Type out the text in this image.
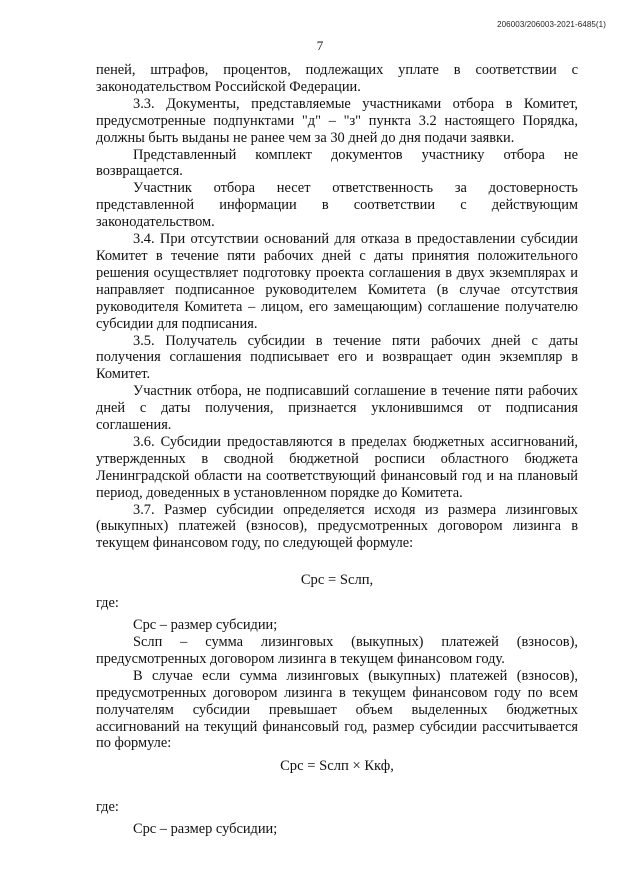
206003/206003-2021-6485(1)
7

пеней, штрафов, процентов, подлежащих уплате в соответствии с законодательством Российской Федерации.

3.3. Документы, представляемые участниками отбора в Комитет, предусмотренные подпунктами "д" – "з" пункта 3.2 настоящего Порядка, должны быть выданы не ранее чем за 30 дней до дня подачи заявки.

Представленный комплект документов участнику отбора не возвращается.

Участник отбора несет ответственность за достоверность представленной информации в соответствии с действующим законодательством.

3.4. При отсутствии оснований для отказа в предоставлении субсидии Комитет в течение пяти рабочих дней с даты принятия положительного решения осуществляет подготовку проекта соглашения в двух экземплярах и направляет подписанное руководителем Комитета (в случае отсутствия руководителя Комитета – лицом, его замещающим) соглашение получателю субсидии для подписания.

3.5. Получатель субсидии в течение пяти рабочих дней с даты получения соглашения подписывает его и возвращает один экземпляр в Комитет.

Участник отбора, не подписавший соглашение в течение пяти рабочих дней с даты получения, признается уклонившимся от подписания соглашения.

3.6. Субсидии предоставляются в пределах бюджетных ассигнований, утвержденных в сводной бюджетной росписи областного бюджета Ленинградской области на соответствующий финансовый год и на плановый период, доведенных в установленном порядке до Комитета.

3.7. Размер субсидии определяется исходя из размера лизинговых (выкупных) платежей (взносов), предусмотренных договором лизинга в текущем финансовом году, по следующей формуле:

Срс = Sслп,

где:

Срс – размер субсидии;

Sслп – сумма лизинговых (выкупных) платежей (взносов), предусмотренных договором лизинга в текущем финансовом году.

В случае если сумма лизинговых (выкупных) платежей (взносов), предусмотренных договором лизинга в текущем финансовом году по всем получателям субсидии превышает объем выделенных бюджетных ассигнований на текущий финансовый год, размер субсидии рассчитывается по формуле:

Срс = Sслп × Ккф,

где:

Срс – размер субсидии;
